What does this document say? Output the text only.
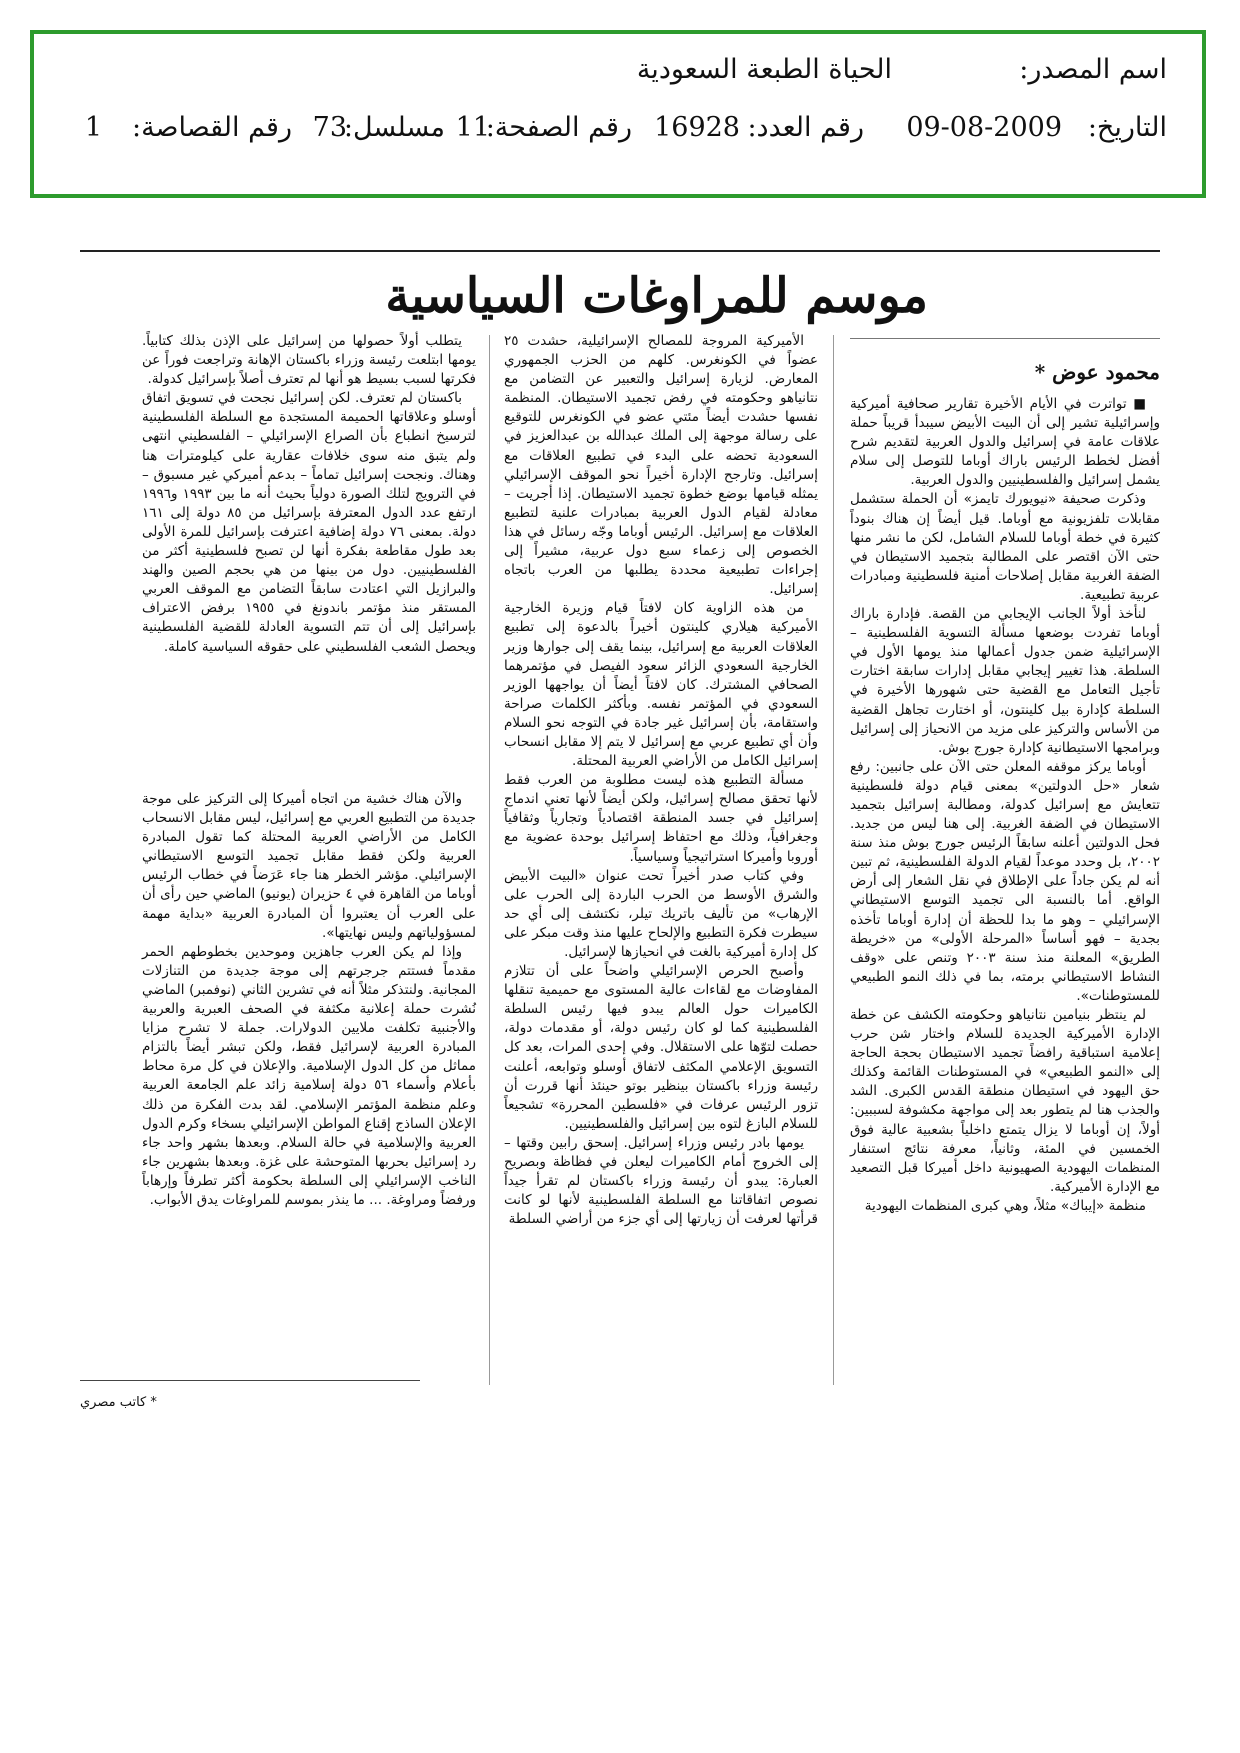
اسم المصدر:
الحياة الطبعة السعودية
التاريخ:
09-08-2009
رقم العدد:
16928
رقم الصفحة:
11
مسلسل:
73
رقم القصاصة:
1
موسم للمراوغات السياسية
محمود عوض *

■ تواترت في الأيام الأخيرة تقارير صحافية أميركية وإسرائيلية تشير إلى أن البيت الأبيض سيبدأ قريباً حملة علاقات عامة في إسرائيل والدول العربية لتقديم شرح أفضل لخطط الرئيس باراك أوباما للتوصل إلى سلام يشمل إسرائيل والفلسطينيين والدول العربية.

وذكرت صحيفة «نيويورك تايمز» أن الحملة ستشمل مقابلات تلفزيونية مع أوباما. قيل أيضاً إن هناك بنوداً كثيرة في خطة أوباما للسلام الشامل، لكن ما نشر منها حتى الآن اقتصر على المطالبة بتجميد الاستيطان في الضفة الغربية مقابل إصلاحات أمنية فلسطينية ومبادرات عربية تطبيعية.

لنأخذ أولاً الجانب الإيجابي من القصة. فإدارة باراك أوباما تفردت بوضعها مسألة التسوية الفلسطينية – الإسرائيلية ضمن جدول أعمالها منذ يومها الأول في السلطة. هذا تغيير إيجابي مقابل إدارات سابقة اختارت تأجيل التعامل مع القضية حتى شهورها الأخيرة في السلطة كإدارة بيل كلينتون، أو اختارت تجاهل القضية من الأساس والتركيز على مزيد من الانحياز إلى إسرائيل وبرامجها الاستيطانية كإدارة جورج بوش.

أوباما يركز موقفه المعلن حتى الآن على جانبين: رفع شعار «حل الدولتين» بمعنى قيام دولة فلسطينية تتعايش مع إسرائيل كدولة، ومطالبة إسرائيل بتجميد الاستيطان في الضفة الغربية. إلى هنا ليس من جديد. فحل الدولتين أعلنه سابقاً الرئيس جورج بوش منذ سنة ٢٠٠٢، بل وحدد موعداً لقيام الدولة الفلسطينية، ثم تبين أنه لم يكن جاداً على الإطلاق في نقل الشعار إلى أرض الواقع. أما بالنسبة الى تجميد التوسع الاستيطاني الإسرائيلي – وهو ما بدا للحظة أن إدارة أوباما تأخذه بجدية – فهو أساساً «المرحلة الأولى» من «خريطة الطريق» المعلنة منذ سنة ٢٠٠٣ وتنص على «وقف النشاط الاستيطاني برمته، بما في ذلك النمو الطبيعي للمستوطنات».

لم ينتظر بنيامين نتانياهو وحكومته الكشف عن خطة الإدارة الأميركية الجديدة للسلام واختار شن حرب إعلامية استباقية رافضاً تجميد الاستيطان بحجة الحاجة إلى «النمو الطبيعي» في المستوطنات القائمة وكذلك حق اليهود في استيطان منطقة القدس الكبرى. الشد والجذب هنا لم يتطور بعد إلى مواجهة مكشوفة لسببين: أولاً، إن أوباما لا يزال يتمتع داخلياً بشعبية عالية فوق الخمسين في المئة، وثانياً، معرفة نتائج استنفار المنظمات اليهودية الصهيونية داخل أميركا قبل التصعيد مع الإدارة الأميركية.

منظمة «إيباك» مثلاً، وهي كبرى المنظمات اليهودية

الأميركية المروجة للمصالح الإسرائيلية، حشدت ٢٥ عضواً في الكونغرس. كلهم من الحزب الجمهوري المعارض. لزيارة إسرائيل والتعبير عن التضامن مع نتانياهو وحكومته في رفض تجميد الاستيطان. المنظمة نفسها حشدت أيضاً مئتي عضو في الكونغرس للتوقيع على رسالة موجهة إلى الملك عبدالله بن عبدالعزيز في السعودية تحضه على البدء في تطبيع العلاقات مع إسرائيل. وتارجح الإدارة أخيراً نحو الموقف الإسرائيلي يمثله قيامها بوضع خطوة تجميد الاستيطان. إذا أجريت – معادلة لقيام الدول العربية بمبادرات علنية لتطبيع العلاقات مع إسرائيل. الرئيس أوباما وجّه رسائل في هذا الخصوص إلى زعماء سبع دول عربية، مشيراً إلى إجراءات تطبيعية محددة يطلبها من العرب باتجاه إسرائيل.

من هذه الزاوية كان لافتاً قيام وزيرة الخارجية الأميركية هيلاري كلينتون أخيراً بالدعوة إلى تطبيع العلاقات العربية مع إسرائيل، بينما يقف إلى جوارها وزير الخارجية السعودي الزائر سعود الفيصل في مؤتمرهما الصحافي المشترك. كان لافتاً أيضاً أن يواجهها الوزير السعودي في المؤتمر نفسه. وبأكثر الكلمات صراحة واستقامة، بأن إسرائيل غير جادة في التوجه نحو السلام وأن أي تطبيع عربي مع إسرائيل لا يتم إلا مقابل انسحاب إسرائيل الكامل من الأراضي العربية المحتلة.

مسألة التطبيع هذه ليست مطلوبة من العرب فقط لأنها تحقق مصالح إسرائيل، ولكن أيضاً لأنها تعني اندماج إسرائيل في جسد المنطقة اقتصادياً وتجارياً وثقافياً وجغرافياً، وذلك مع احتفاظ إسرائيل بوحدة عضوية مع أوروبا وأميركا استراتيجياً وسياسياً.

وفي كتاب صدر أخيراً تحت عنوان «البيت الأبيض والشرق الأوسط من الحرب الباردة إلى الحرب على الإرهاب» من تأليف باتريك تيلر، نكتشف إلى أي حد سيطرت فكرة التطبيع والإلحاح عليها منذ وقت مبكر على كل إدارة أميركية بالغت في انحيازها لإسرائيل.

وأصبح الحرص الإسرائيلي واضحاً على أن تتلازم المفاوضات مع لقاءات عالية المستوى مع حميمية تنقلها الكاميرات حول العالم يبدو فيها رئيس السلطة الفلسطينية كما لو كان رئيس دولة، أو مقدمات دولة، حصلت لتوّها على الاستقلال. وفي إحدى المرات، بعد كل التسويق الإعلامي المكثف لاتفاق أوسلو وتوابعه، أعلنت رئيسة وزراء باكستان بينظير بوتو حينئذ أنها قررت أن تزور الرئيس عرفات في «فلسطين المحررة» تشجيعاً للسلام البازغ لتوه بين إسرائيل والفلسطينيين.

يومها بادر رئيس وزراء إسرائيل. إسحق رابين وقتها – إلى الخروج أمام الكاميرات ليعلن في فظاظة وبصريح العبارة: يبدو أن رئيسة وزراء باكستان لم تقرأ جيداً نصوص اتفاقاتنا مع السلطة الفلسطينية لأنها لو كانت قرأتها لعرفت أن زيارتها إلى أي جزء من أراضي السلطة

يتطلب أولاً حصولها من إسرائيل على الإذن بذلك كتابياً. يومها ابتلعت رئيسة وزراء باكستان الإهانة وتراجعت فوراً عن فكرتها لسبب بسيط هو أنها لم تعترف أصلاً بإسرائيل كدولة.

باكستان لم تعترف. لكن إسرائيل نجحت في تسويق اتفاق أوسلو وعلاقاتها الحميمة المستجدة مع السلطة الفلسطينية لترسيخ انطباع بأن الصراع الإسرائيلي – الفلسطيني انتهى ولم يتبق منه سوى خلافات عقارية على كيلومترات هنا وهناك. ونجحت إسرائيل تماماً – بدعم أميركي غير مسبوق – في الترويج لتلك الصورة دولياً بحيث أنه ما بين ١٩٩٣ و١٩٩٦ ارتفع عدد الدول المعترفة بإسرائيل من ٨٥ دولة إلى ١٦١ دولة. بمعنى ٧٦ دولة إضافية اعترفت بإسرائيل للمرة الأولى بعد طول مقاطعة بفكرة أنها لن تصبح فلسطينية أكثر من الفلسطينيين. دول من بينها من هي بحجم الصين والهند والبرازيل التي اعتادت سابقاً التضامن مع الموقف العربي المستقر منذ مؤتمر باندونغ في ١٩٥٥ برفض الاعتراف بإسرائيل إلى أن تتم التسوية العادلة للقضية الفلسطينية ويحصل الشعب الفلسطيني على حقوقه السياسية كاملة.

والآن هناك خشية من اتجاه أميركا إلى التركيز على موجة جديدة من التطبيع العربي مع إسرائيل، ليس مقابل الانسحاب الكامل من الأراضي العربية المحتلة كما تقول المبادرة العربية ولكن فقط مقابل تجميد التوسع الاستيطاني الإسرائيلي. مؤشر الخطر هنا جاء عَرَضاً في خطاب الرئيس أوباما من القاهرة في ٤ حزيران (يونيو) الماضي حين رأى أن على العرب أن يعتبروا أن المبادرة العربية «بداية مهمة لمسؤولياتهم وليس نهايتها».

وإذا لم يكن العرب جاهزين وموحدين بخطوطهم الحمر مقدماً فستتم جرجرتهم إلى موجة جديدة من التنازلات المجانية. ولنتذكر مثلاً أنه في تشرين الثاني (نوفمبر) الماضي نُشرت حملة إعلانية مكثفة في الصحف العبرية والعربية والأجنبية تكلفت ملايين الدولارات. جملة لا تشرح مزايا المبادرة العربية لإسرائيل فقط، ولكن تبشر أيضاً بالتزام مماثل من كل الدول الإسلامية. والإعلان في كل مرة محاط بأعلام وأسماء ٥٦ دولة إسلامية زائد علم الجامعة العربية وعلم منظمة المؤتمر الإسلامي. لقد بدت الفكرة من ذلك الإعلان الساذج إقناع المواطن الإسرائيلي بسخاء وكرم الدول العربية والإسلامية في حالة السلام. وبعدها بشهر واحد جاء رد إسرائيل بحربها المتوحشة على غزة. وبعدها بشهرين جاء الناخب الإسرائيلي إلى السلطة بحكومة أكثر تطرفاً وإرهاباً ورفضاً ومراوغة. ... ما ينذر بموسم للمراوغات يدق الأبواب.

* كاتب مصري
